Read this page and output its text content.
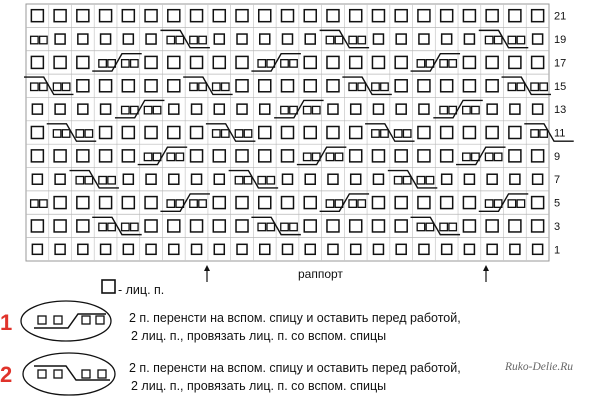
21
19
17
15
13
11
9
7
5
3
1
раппорт
- лиц. п.
1	2 п. перенсти на вспом. спицу и оставить перед работой,
2 лиц. п., провязать лиц. п. со вспом. спицы
2	2 п. перенсти на вспом. спицу и оставить перед работой,
2 лиц. п., провязать лиц. п. со вспом. спицы
Ruko-Delie.Ru
